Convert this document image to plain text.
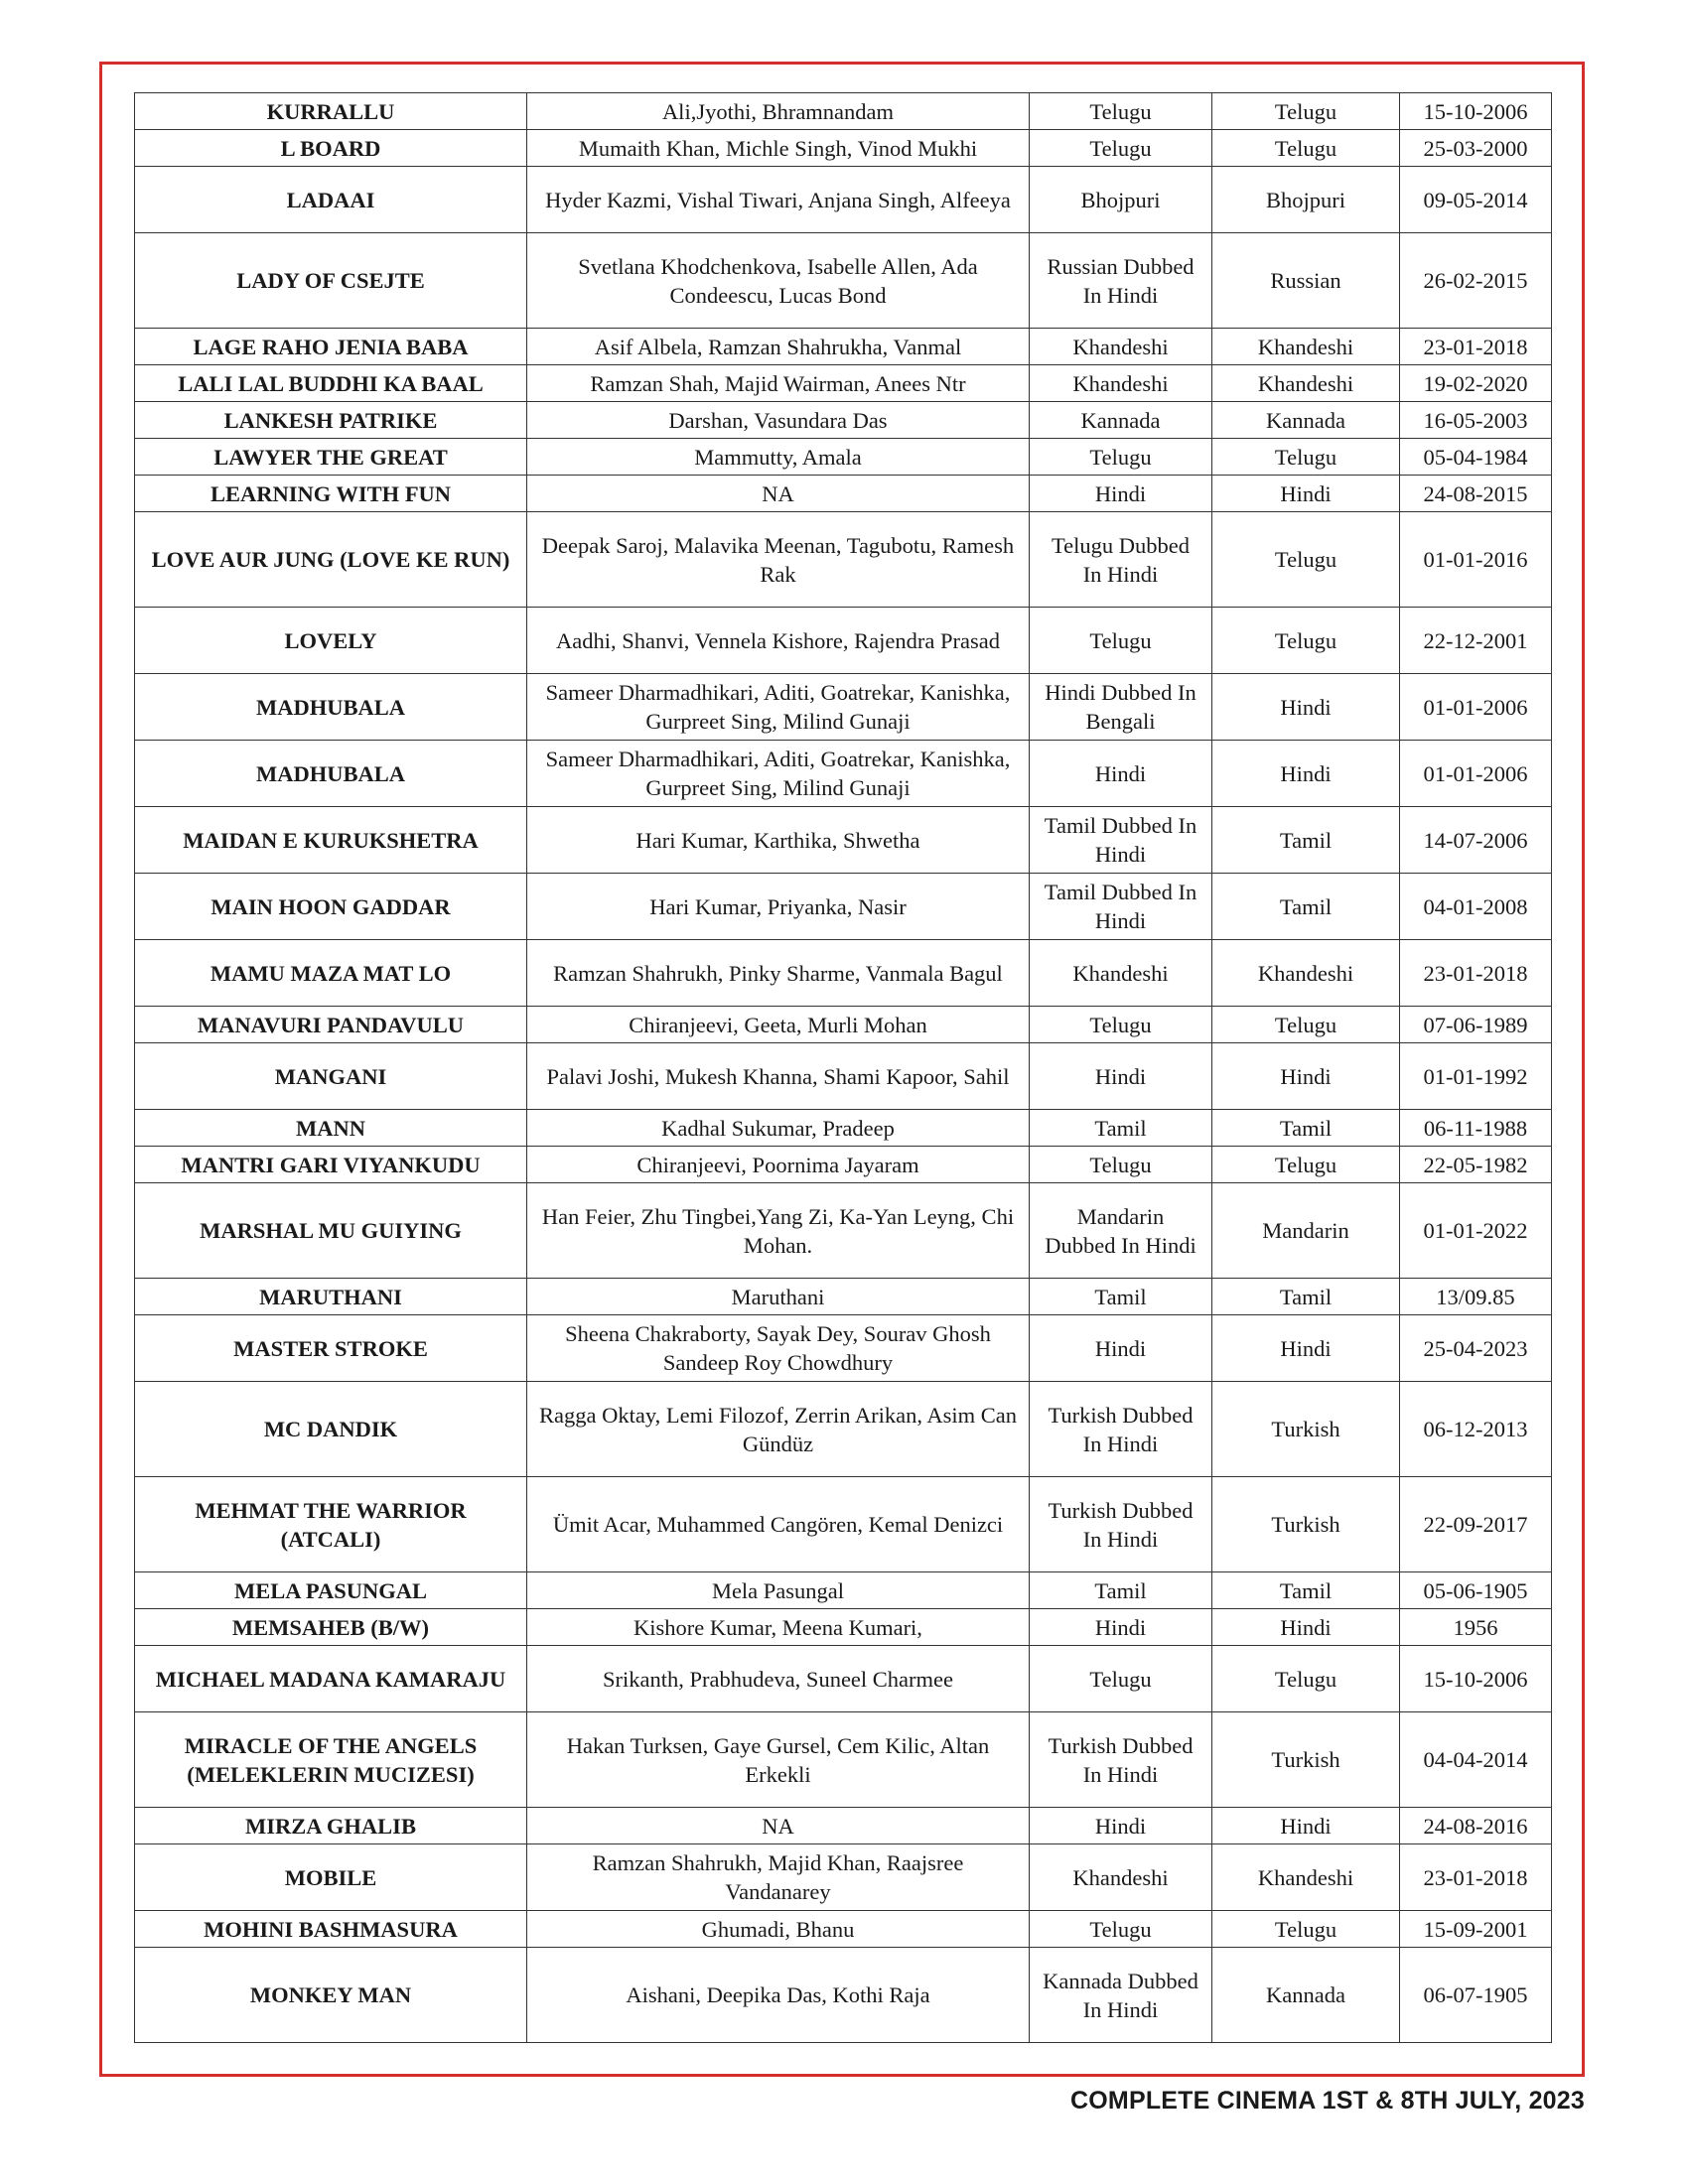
KURRALLU	Ali,Jyothi, Bhramnandam	Telugu	Telugu	15-10-2006
L BOARD	Mumaith Khan, Michle Singh, Vinod Mukhi	Telugu	Telugu	25-03-2000
LADAAI	Hyder Kazmi, Vishal Tiwari, Anjana Singh, Alfeeya	Bhojpuri	Bhojpuri	09-05-2014
LADY OF CSEJTE	Svetlana Khodchenkova, Isabelle Allen, Ada Condeescu, Lucas Bond	Russian Dubbed In Hindi	Russian	26-02-2015
LAGE RAHO JENIA BABA	Asif Albela, Ramzan Shahrukha, Vanmal	Khandeshi	Khandeshi	23-01-2018
LALI LAL BUDDHI KA BAAL	Ramzan Shah, Majid Wairman, Anees Ntr	Khandeshi	Khandeshi	19-02-2020
LANKESH PATRIKE	Darshan, Vasundara Das	Kannada	Kannada	16-05-2003
LAWYER THE GREAT	Mammutty, Amala	Telugu	Telugu	05-04-1984
LEARNING WITH FUN	NA	Hindi	Hindi	24-08-2015
LOVE AUR JUNG (LOVE KE RUN)	Deepak Saroj, Malavika Meenan, Tagubotu, Ramesh Rak	Telugu Dubbed In Hindi	Telugu	01-01-2016
LOVELY	Aadhi, Shanvi, Vennela Kishore, Rajendra Prasad	Telugu	Telugu	22-12-2001
MADHUBALA	Sameer Dharmadhikari, Aditi, Goatrekar, Kanishka, Gurpreet Sing, Milind Gunaji	Hindi Dubbed In Bengali	Hindi	01-01-2006
MADHUBALA	Sameer Dharmadhikari, Aditi, Goatrekar, Kanishka, Gurpreet Sing, Milind Gunaji	Hindi	Hindi	01-01-2006
MAIDAN E KURUKSHETRA	Hari Kumar, Karthika, Shwetha	Tamil Dubbed In Hindi	Tamil	14-07-2006
MAIN HOON GADDAR	Hari Kumar, Priyanka, Nasir	Tamil Dubbed In Hindi	Tamil	04-01-2008
MAMU MAZA MAT LO	Ramzan Shahrukh, Pinky Sharme, Vanmala Bagul	Khandeshi	Khandeshi	23-01-2018
MANAVURI PANDAVULU	Chiranjeevi, Geeta, Murli Mohan	Telugu	Telugu	07-06-1989
MANGANI	Palavi Joshi, Mukesh Khanna, Shami Kapoor, Sahil	Hindi	Hindi	01-01-1992
MANN	Kadhal Sukumar, Pradeep	Tamil	Tamil	06-11-1988
MANTRI GARI VIYANKUDU	Chiranjeevi, Poornima Jayaram	Telugu	Telugu	22-05-1982
MARSHAL MU GUIYING	Han Feier, Zhu Tingbei,Yang Zi, Ka-Yan Leyng, Chi Mohan.	Mandarin Dubbed In Hindi	Mandarin	01-01-2022
MARUTHANI	Maruthani	Tamil	Tamil	13/09.85
MASTER STROKE	Sheena Chakraborty, Sayak Dey, Sourav Ghosh Sandeep Roy Chowdhury	Hindi	Hindi	25-04-2023
MC DANDIK	Ragga Oktay, Lemi Filozof, Zerrin Arikan, Asim Can Gündüz	Turkish Dubbed In Hindi	Turkish	06-12-2013
MEHMAT THE WARRIOR (ATCALI)	Ümit Acar, Muhammed Cangören, Kemal Denizci	Turkish Dubbed In Hindi	Turkish	22-09-2017
MELA PASUNGAL	Mela Pasungal	Tamil	Tamil	05-06-1905
MEMSAHEB (B/W)	Kishore Kumar, Meena Kumari,	Hindi	Hindi	1956
MICHAEL MADANA KAMARAJU	Srikanth, Prabhudeva, Suneel Charmee	Telugu	Telugu	15-10-2006
MIRACLE OF THE ANGELS (MELEKLERIN MUCIZESI)	Hakan Turksen, Gaye Gursel, Cem Kilic, Altan Erkekli	Turkish Dubbed In Hindi	Turkish	04-04-2014
MIRZA GHALIB	NA	Hindi	Hindi	24-08-2016
MOBILE	Ramzan Shahrukh, Majid Khan, Raajsree Vandanarey	Khandeshi	Khandeshi	23-01-2018
MOHINI BASHMASURA	Ghumadi, Bhanu	Telugu	Telugu	15-09-2001
MONKEY MAN	Aishani, Deepika Das, Kothi Raja	Kannada Dubbed In Hindi	Kannada	06-07-1905
COMPLETE CINEMA 1ST & 8TH JULY, 2023
